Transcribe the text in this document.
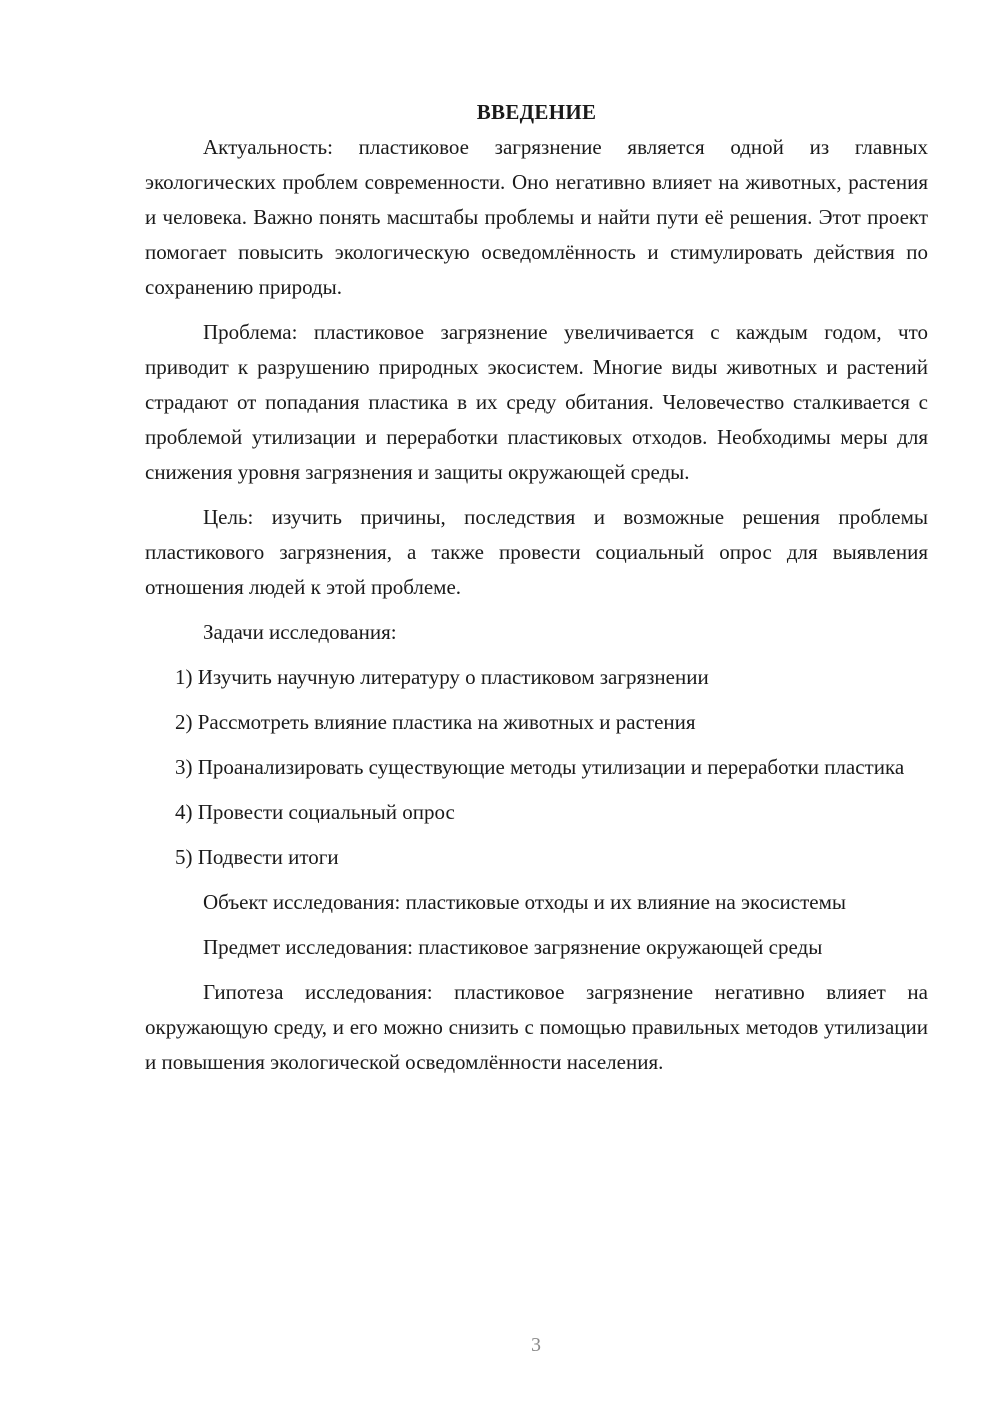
ВВЕДЕНИЕ

Актуальность: пластиковое загрязнение является одной из главных экологических проблем современности. Оно негативно влияет на животных, растения и человека. Важно понять масштабы проблемы и найти пути её решения. Этот проект помогает повысить экологическую осведомлённость и стимулировать действия по сохранению природы.

Проблема: пластиковое загрязнение увеличивается с каждым годом, что приводит к разрушению природных экосистем. Многие виды животных и растений страдают от попадания пластика в их среду обитания. Человечество сталкивается с проблемой утилизации и переработки пластиковых отходов. Необходимы меры для снижения уровня загрязнения и защиты окружающей среды.

Цель: изучить причины, последствия и возможные решения проблемы пластикового загрязнения, а также провести социальный опрос для выявления отношения людей к этой проблеме.

Задачи исследования:

1) Изучить научную литературу о пластиковом загрязнении

2) Рассмотреть влияние пластика на животных и растения

3) Проанализировать существующие методы утилизации и переработки пластика

4) Провести социальный опрос

5) Подвести итоги

Объект исследования: пластиковые отходы и их влияние на экосистемы

Предмет исследования: пластиковое загрязнение окружающей среды

Гипотеза исследования: пластиковое загрязнение негативно влияет на окружающую среду, и его можно снизить с помощью правильных методов утилизации и повышения экологической осведомлённости населения.

3
